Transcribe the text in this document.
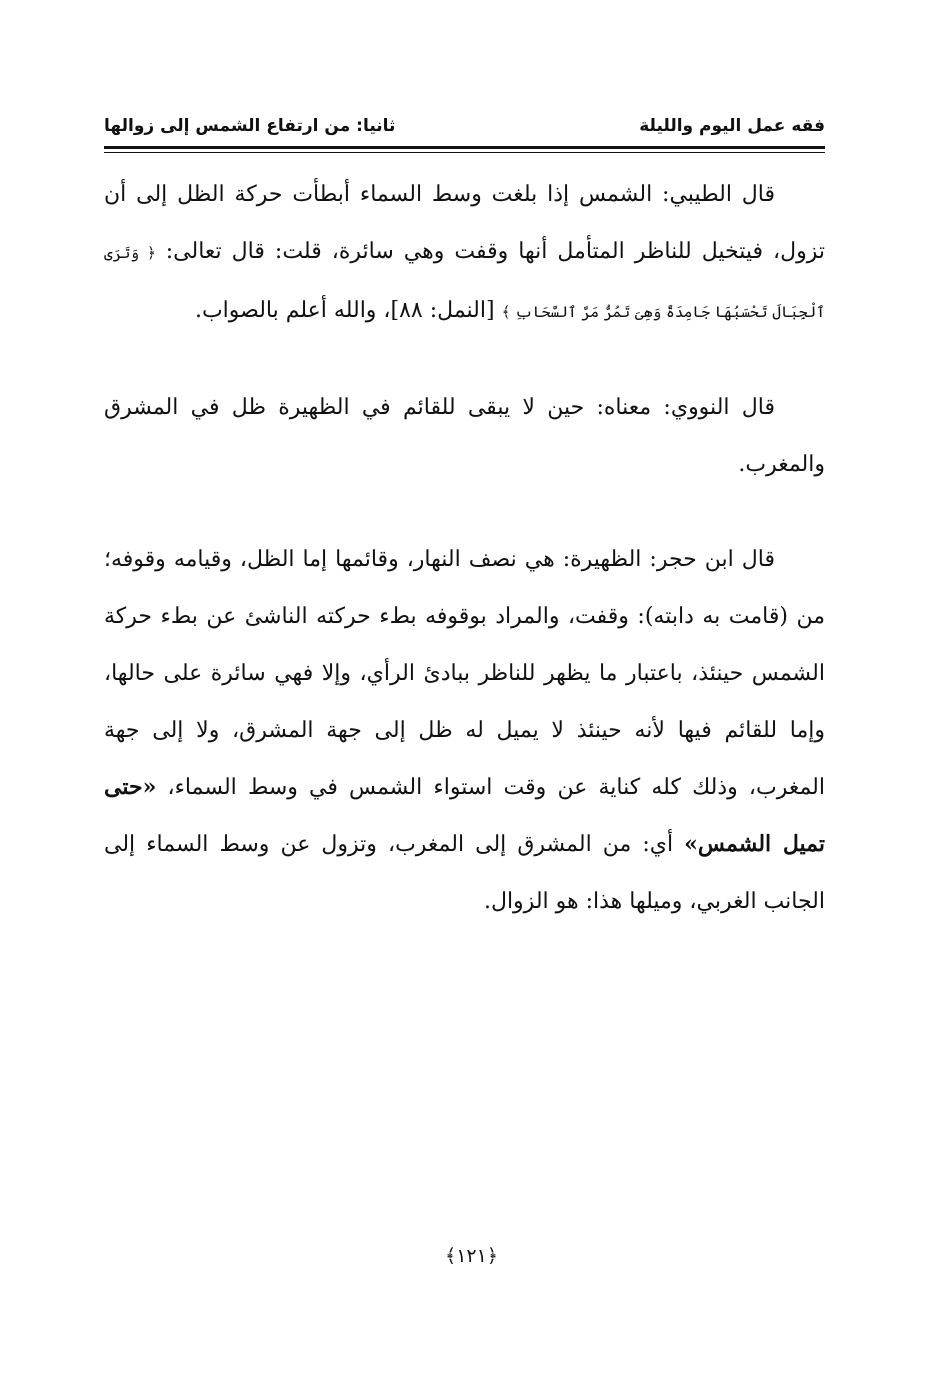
فقه عمل اليوم والليلة
ثانيا: من ارتفاع الشمس إلى زوالها

قال الطيبي: الشمس إذا بلغت وسط السماء أبطأت حركة الظل إلى أن تزول، فيتخيل للناظر المتأمل أنها وقفت وهي سائرة، قلت: قال تعالى: ﴿ وَتَرَى ٱلْجِبَالَ تَحْسَبُهَا جَامِدَةً وَهِىَ تَمُرُّ مَرَّ ٱلسَّحَابِ ﴾ [النمل: ٨٨]، والله أعلم بالصواب.

قال النووي: معناه: حين لا يبقى للقائم في الظهيرة ظل في المشرق والمغرب.

قال ابن حجر: الظهيرة: هي نصف النهار، وقائمها إما الظل، وقيامه وقوفه؛ من (قامت به دابته): وقفت، والمراد بوقوفه بطء حركته الناشئ عن بطء حركة الشمس حينئذ، باعتبار ما يظهر للناظر ببادئ الرأي، وإلا فهي سائرة على حالها، وإما للقائم فيها لأنه حينئذ لا يميل له ظل إلى جهة المشرق، ولا إلى جهة المغرب، وذلك كله كناية عن وقت استواء الشمس في وسط السماء، «حتى تميل الشمس» أي: من المشرق إلى المغرب، وتزول عن وسط السماء إلى الجانب الغربي، وميلها هذا: هو الزوال.

﴿١٢١﴾
